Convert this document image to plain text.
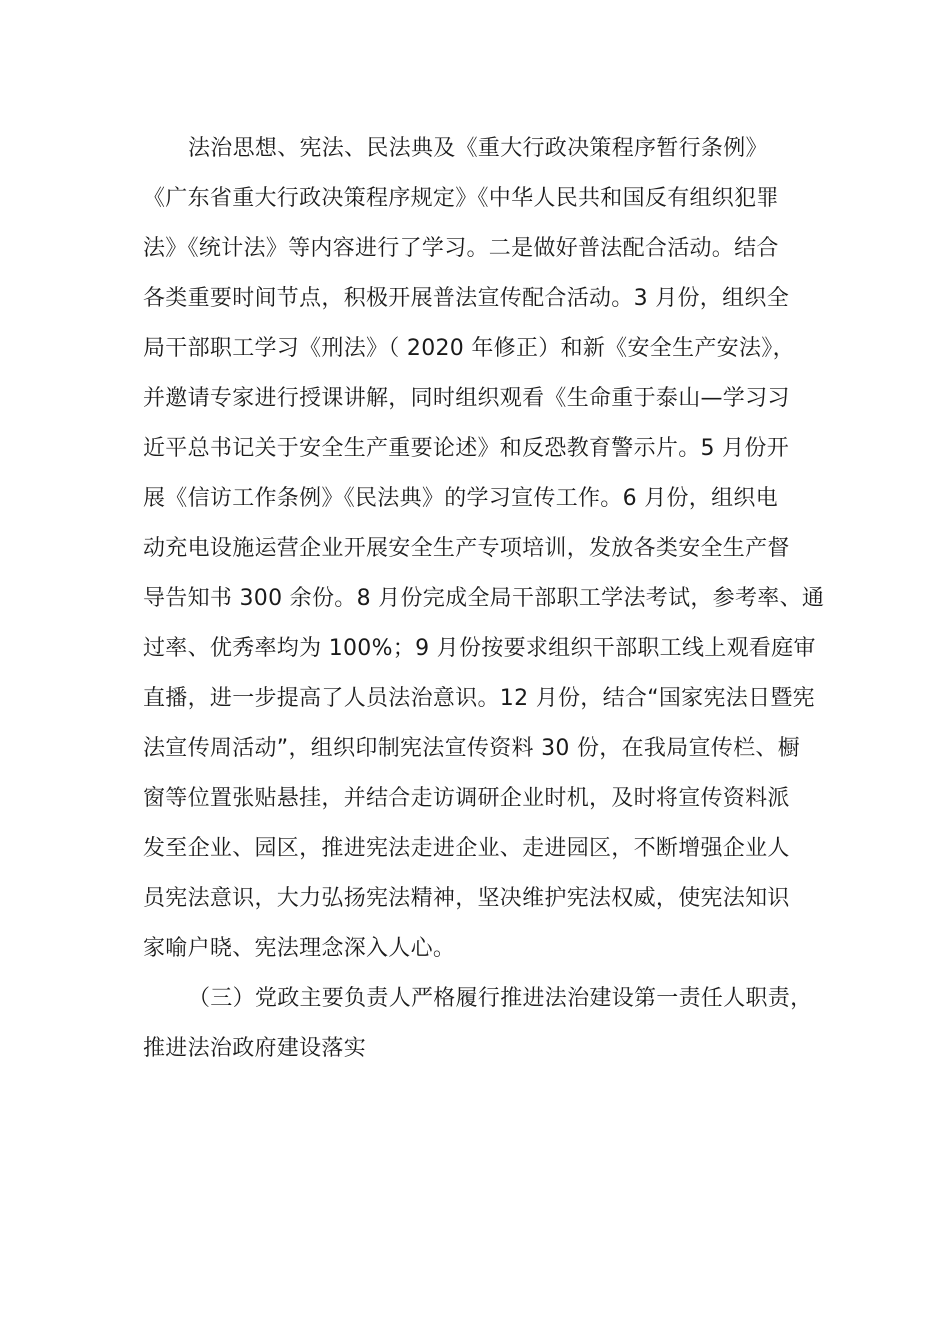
法治思想、宪法、民法典及《重大行政决策程序暂行条例》
《广东省重大行政决策程序规定》《中华人民共和国反有组织犯罪
法》《统计法》等内容进行了学习。二是做好普法配合活动。结合
各类重要时间节点，积极开展普法宣传配合活动。3 月份，组织全
局干部职工学习《刑法》（ 2020 年修正）和新《安全生产安法》，
并邀请专家进行授课讲解，同时组织观看《生命重于泰山—学习习
近平总书记关于安全生产重要论述》和反恐教育警示片。5 月份开
展《信访工作条例》《民法典》的学习宣传工作。6 月份，组织电
动充电设施运营企业开展安全生产专项培训，发放各类安全生产督
导告知书 300 余份。8 月份完成全局干部职工学法考试，参考率、通
过率、优秀率均为 100%；9 月份按要求组织干部职工线上观看庭审
直播，进一步提高了人员法治意识。12 月份，结合“国家宪法日暨宪
法宣传周活动”，组织印制宪法宣传资料 30 份，在我局宣传栏、橱
窗等位置张贴悬挂，并结合走访调研企业时机，及时将宣传资料派
发至企业、园区，推进宪法走进企业、走进园区，不断增强企业人
员宪法意识，大力弘扬宪法精神，坚决维护宪法权威，使宪法知识
家喻户晓、宪法理念深入人心。
（三）党政主要负责人严格履行推进法治建设第一责任人职责，
推进法治政府建设落实
